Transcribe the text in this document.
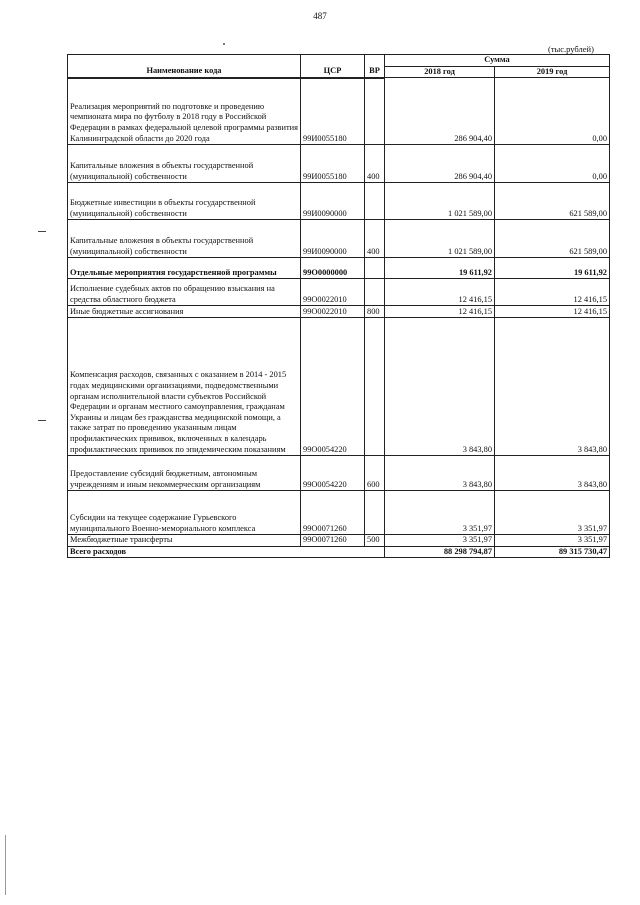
487
(тыс.рублей)
Наименование кода	ЦСР	ВР	Сумма	
			2018 год	2019 год
Реализация мероприятий по подготовке и проведению чемпионата мира по футболу в 2018 году в Российской Федерации в рамках федеральной целевой программы развития Калининградской области до 2020 года	99И0055180		286 904,40	0,00
Капитальные вложения в объекты государственной (муниципальной) собственности	99И0055180	400	286 904,40	0,00
Бюджетные инвестиции в объекты государственной (муниципальной) собственности	99И0090000		1 021 589,00	621 589,00
Капитальные вложения в объекты государственной (муниципальной) собственности	99И0090000	400	1 021 589,00	621 589,00
Отдельные мероприятия государственной программы	99О0000000		19 611,92	19 611,92
Исполнение судебных актов по обращению взыскания на средства областного бюджета	99О0022010		12 416,15	12 416,15
Иные бюджетные ассигнования	99О0022010	800	12 416,15	12 416,15
Компенсация расходов, связанных с оказанием в 2014 - 2015 годах медицинскими организациями, подведомственными органам исполнительной власти субъектов Российской Федерации и органам местного самоуправления, гражданам Украины и лицам без гражданства медицинской помощи, а также затрат по проведению указанным лицам профилактических прививок, включенных в календарь профилактических прививок по эпидемическим показаниям	99О0054220		3 843,80	3 843,80
Предоставление субсидий бюджетным, автономным учреждениям и иным некоммерческим организациям	99О0054220	600	3 843,80	3 843,80
Субсидии на текущее содержание Гурьевского муниципального Военно-мемориального комплекса	99О0071260		3 351,97	3 351,97
Межбюджетные трансферты	99О0071260	500	3 351,97	3 351,97
Всего расходов			88 298 794,87	89 315 730,47
